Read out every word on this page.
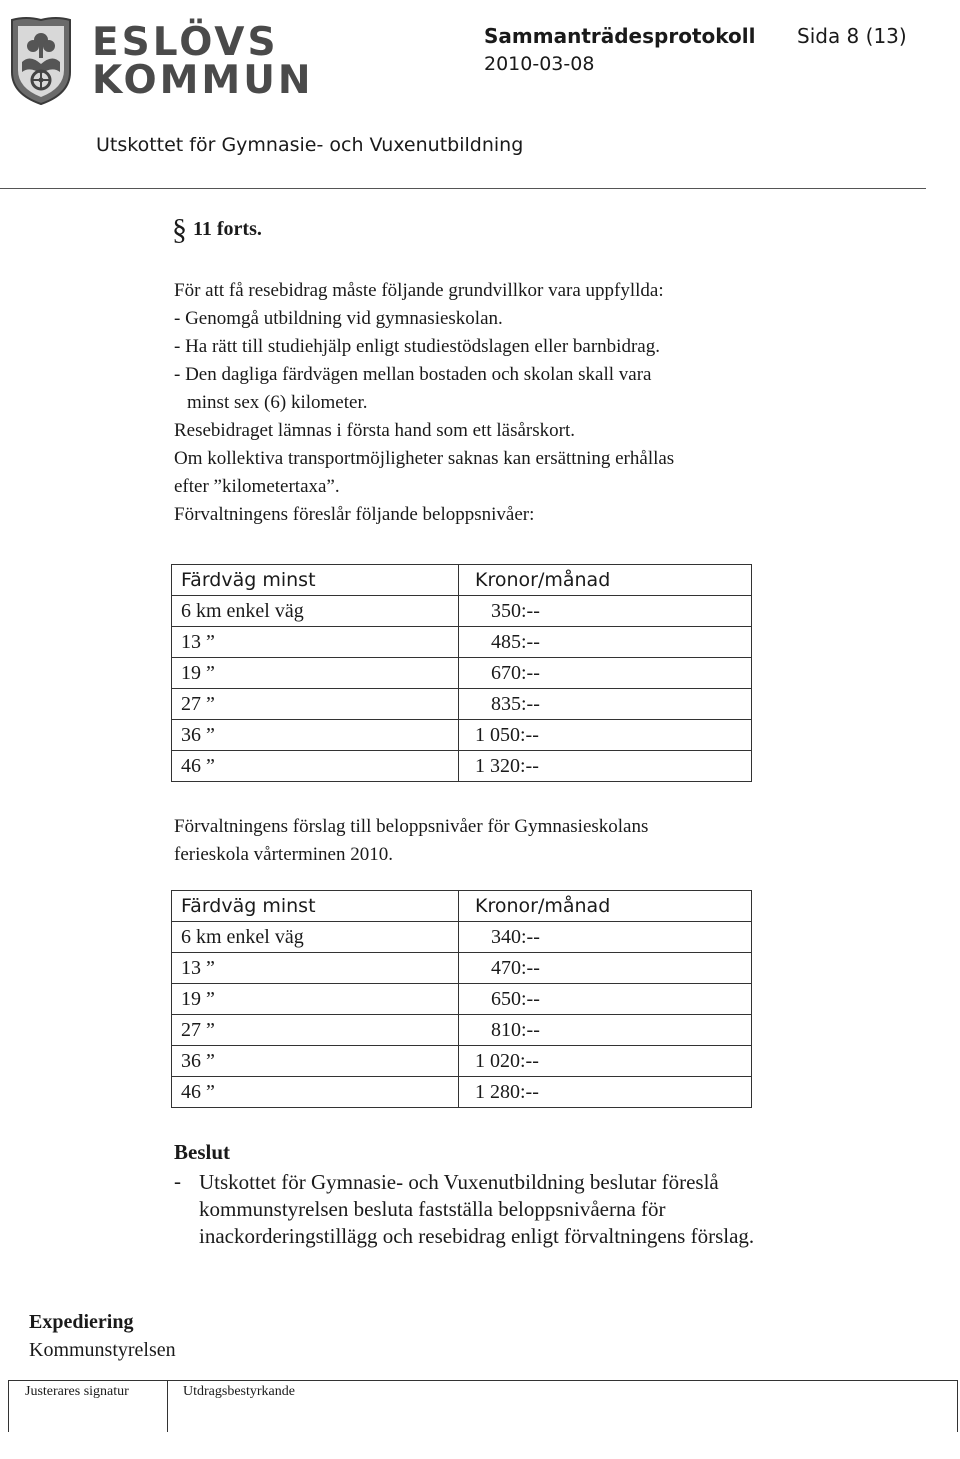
ESLÖVS
KOMMUN
Sammanträdesprotokoll Sida 8 (13)
2010-03-08
Utskottet för Gymnasie- och Vuxenutbildning
§ 11 forts.
För att få resebidrag måste följande grundvillkor vara uppfyllda:
- Genomgå utbildning vid gymnasieskolan.
- Ha rätt till studiehjälp enligt studiestödslagen eller barnbidrag.
- Den dagliga färdvägen mellan bostaden och skolan skall vara
minst sex (6) kilometer.
Resebidraget lämnas i första hand som ett läsårskort.
Om kollektiva transportmöjligheter saknas kan ersättning erhållas
efter ”kilometertaxa”.
Förvaltningens föreslår följande beloppsnivåer:
Färdväg minst	Kronor/månad
6 km enkel väg	350:--
13 ”	485:--
19 ”	670:--
27 ”	835:--
36 ”	1 050:--
46 ”	1 320:--
Förvaltningens förslag till beloppsnivåer för Gymnasieskolans
ferieskola vårterminen 2010.
Färdväg minst	Kronor/månad
6 km enkel väg	340:--
13 ”	470:--
19 ”	650:--
27 ”	810:--
36 ”	1 020:--
46 ”	1 280:--
Beslut
- Utskottet för Gymnasie- och Vuxenutbildning beslutar föreslå kommunstyrelsen besluta fastställa beloppsnivåerna för inackorderingstillägg och resebidrag enligt förvaltningens förslag.
Expediering
Kommunstyrelsen
Justerares signatur	Utdragsbestyrkande
